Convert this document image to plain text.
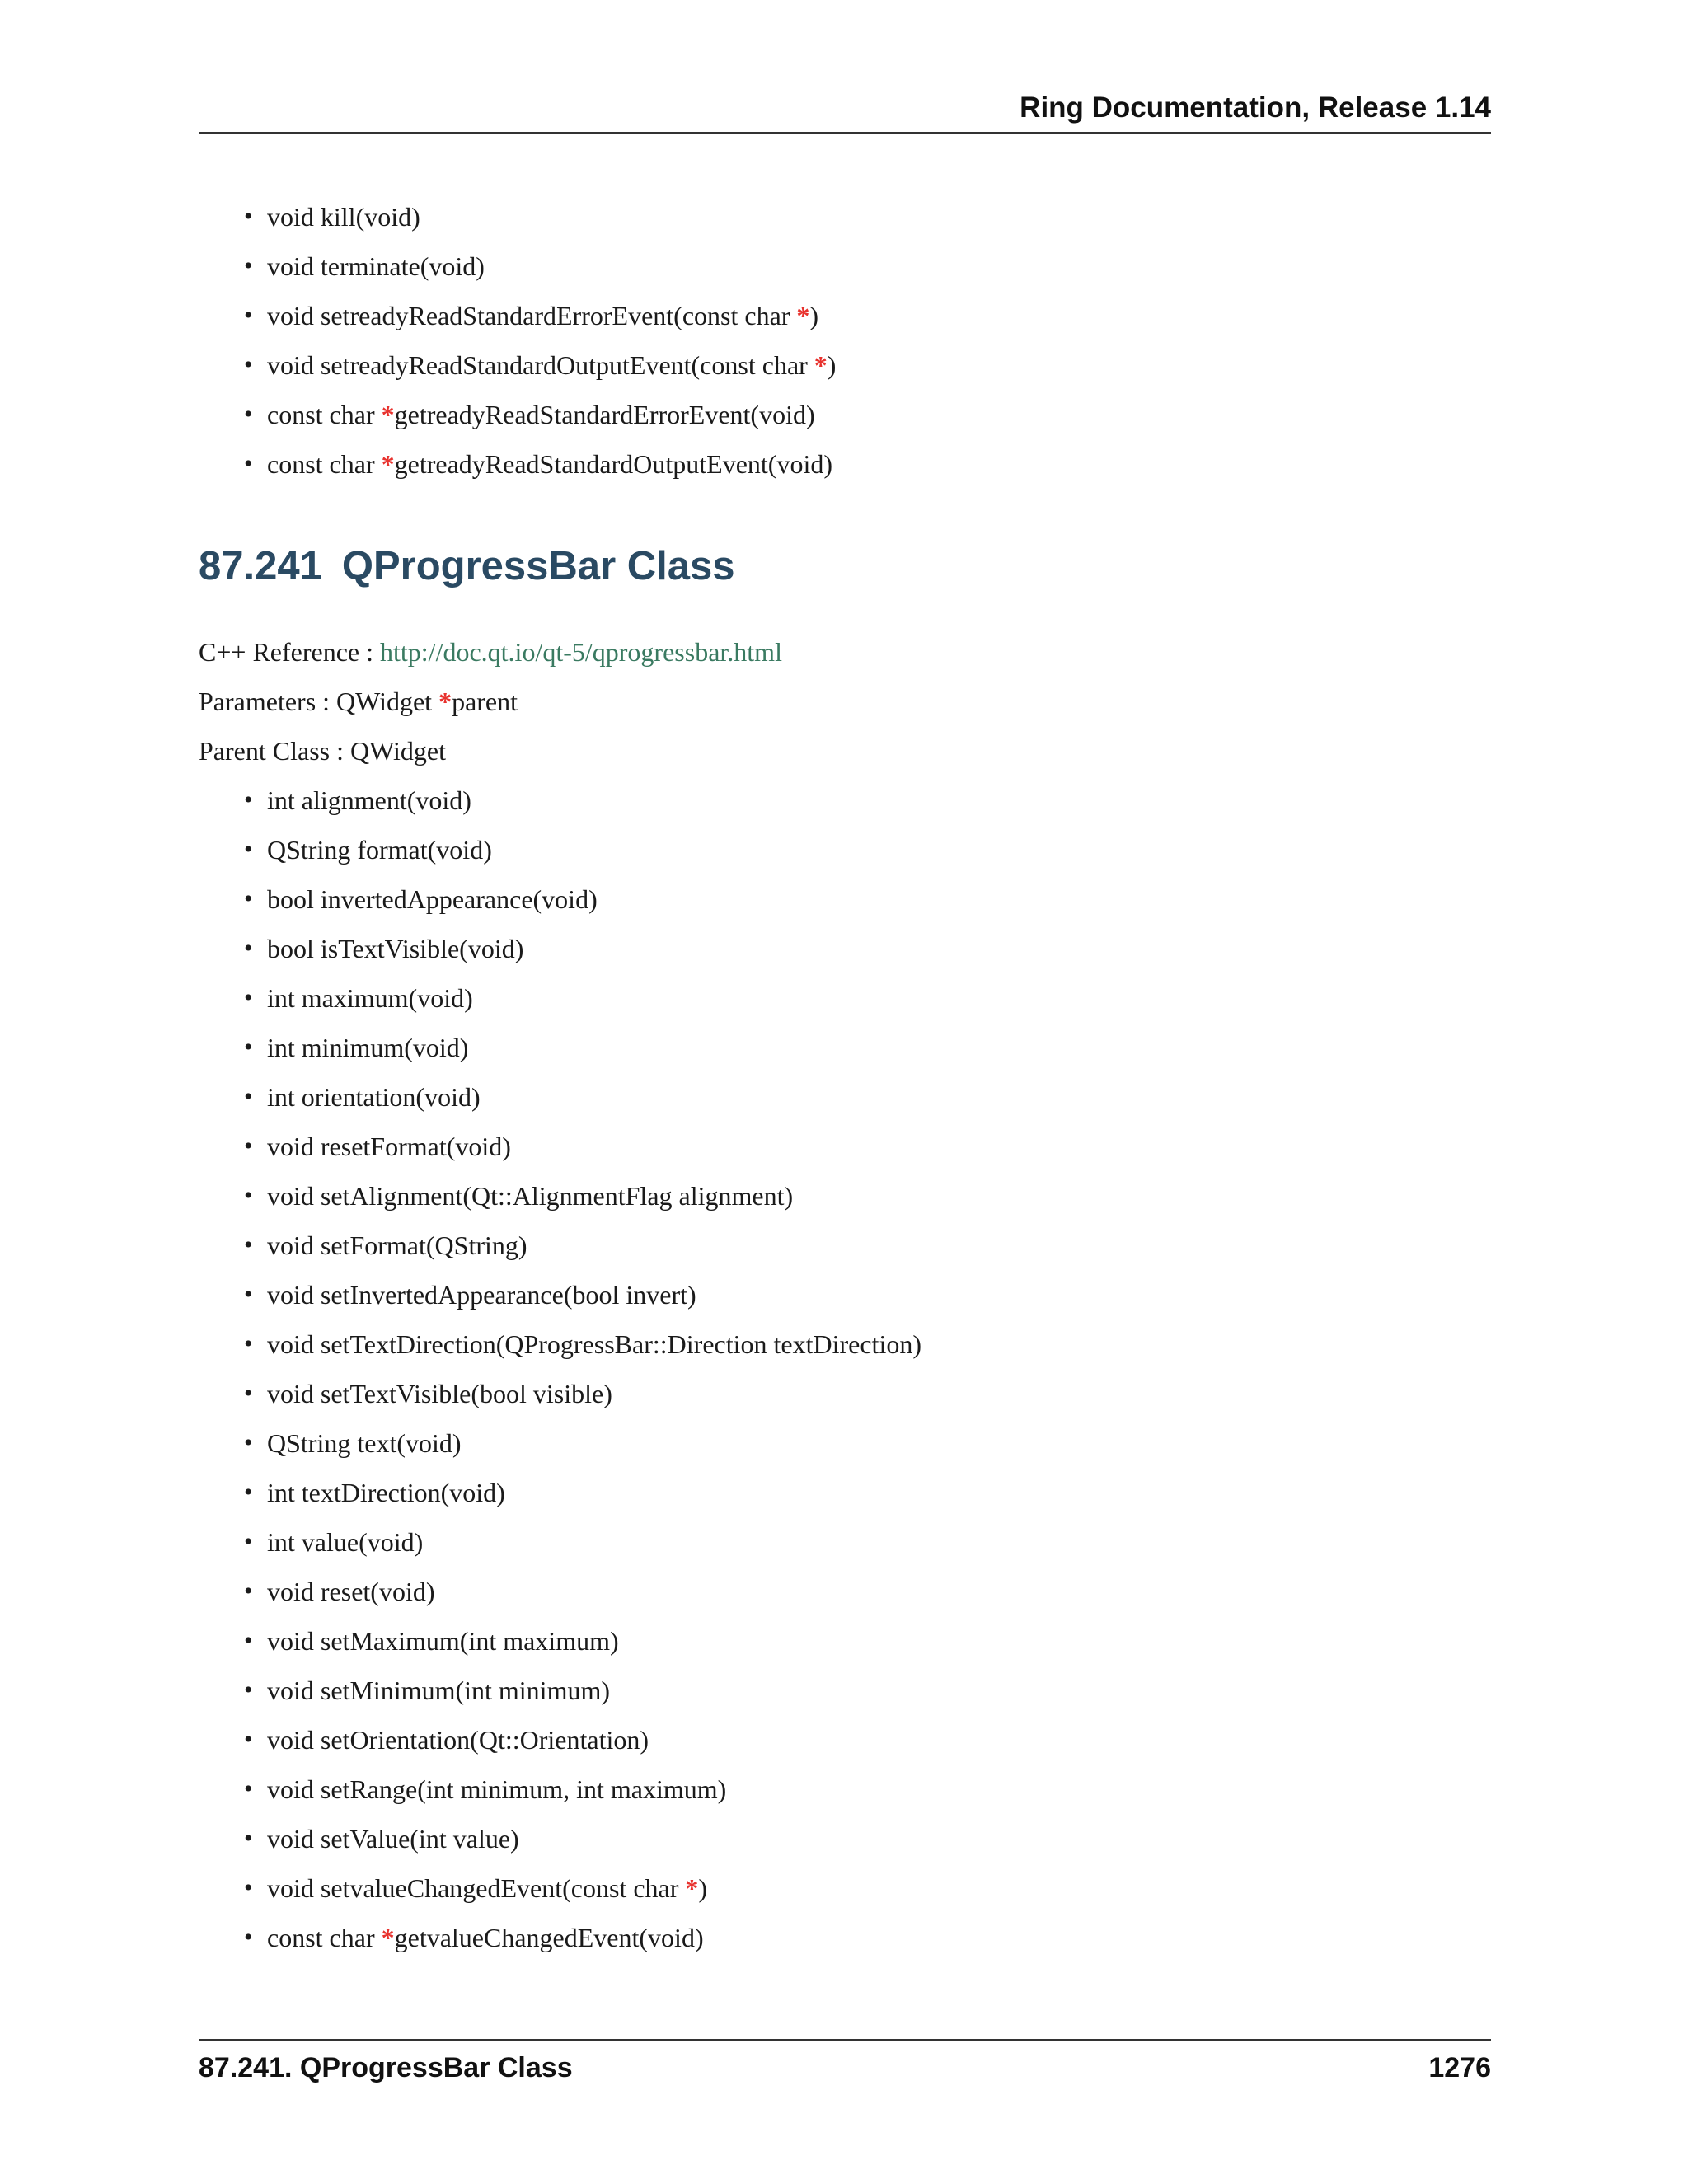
Ring Documentation, Release 1.14
• void kill(void)
• void terminate(void)
• void setreadyReadStandardErrorEvent(const char *)
• void setreadyReadStandardOutputEvent(const char *)
• const char *getreadyReadStandardErrorEvent(void)
• const char *getreadyReadStandardOutputEvent(void)
87.241 QProgressBar Class
C++ Reference : http://doc.qt.io/qt-5/qprogressbar.html
Parameters : QWidget *parent
Parent Class : QWidget
• int alignment(void)
• QString format(void)
• bool invertedAppearance(void)
• bool isTextVisible(void)
• int maximum(void)
• int minimum(void)
• int orientation(void)
• void resetFormat(void)
• void setAlignment(Qt::AlignmentFlag alignment)
• void setFormat(QString)
• void setInvertedAppearance(bool invert)
• void setTextDirection(QProgressBar::Direction textDirection)
• void setTextVisible(bool visible)
• QString text(void)
• int textDirection(void)
• int value(void)
• void reset(void)
• void setMaximum(int maximum)
• void setMinimum(int minimum)
• void setOrientation(Qt::Orientation)
• void setRange(int minimum, int maximum)
• void setValue(int value)
• void setvalueChangedEvent(const char *)
• const char *getvalueChangedEvent(void)
87.241. QProgressBar Class	1276
